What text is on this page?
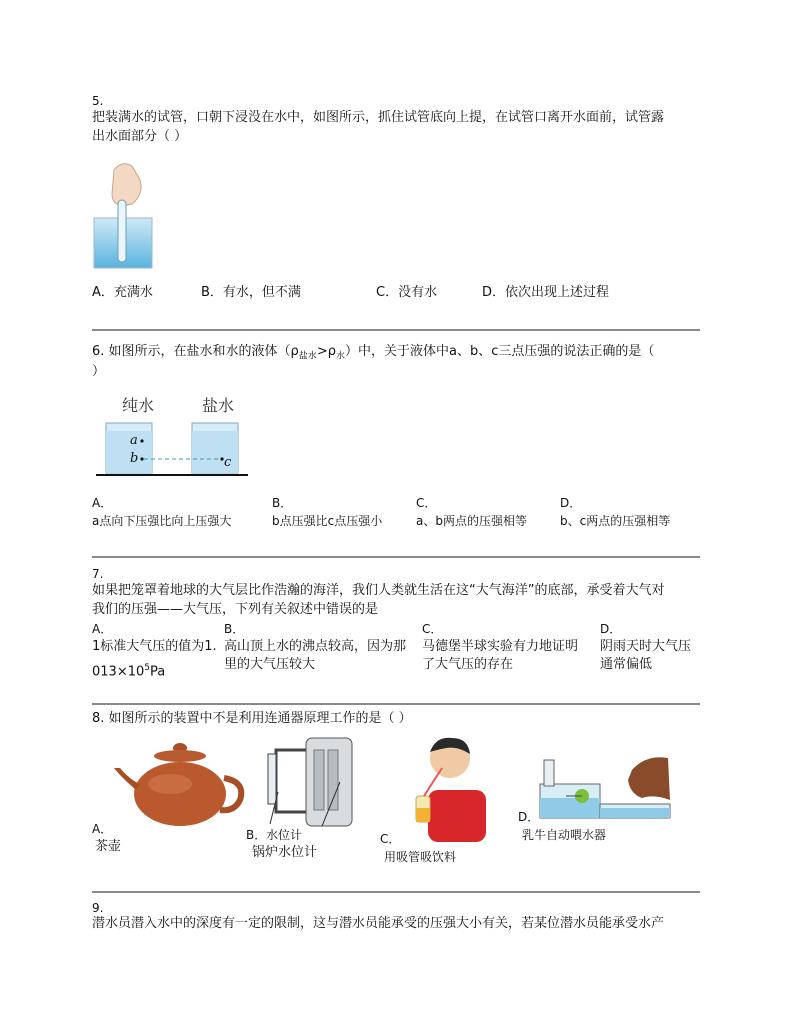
5.
把装满水的试管，口朝下浸没在水中，如图所示，抓住试管底向上提，在试管口离开水面前，试管露
出水面部分（ ）
A．充满水	B．有水，但不满	C．没有水	D．依次出现上述过程
6. 如图所示，在盐水和水的液体$(\rho_{盐水}>\rho_水)$中，关于液体中a、b、c三点压强的说法正确的是（
）
纯水	盐水
a
b	c
A．
a点向下压强比向上压强大
B．
b点压强比c点压强小
C．
a、b两点的压强相等
D．
b、c两点的压强相等
7.
如果把笼罩着地球的大气层比作浩瀚的海洋，我们人类就生活在这“大气海洋”的底部，承受着大气对
我们的压强——大气压，下列有关叙述中错误的是
A．
1标准大气压的值为1.
$013\times 10^5Pa$
B．
高山顶上水的沸点较高，因为那
里的大气压较大
C．
马德堡半球实验有力地证明
了大气压的存在
D．
阴雨天时大气压
通常偏低
8. 如图所示的装置中不是利用连通器原理工作的是（ ）
A．
茶壶
B． 水位计
锅炉水位计
C．
用吸管吸饮料
D．
乳牛自动喂水器
9.
潜水员潜入水中的深度有一定的限制，这与潜水员能承受的压强大小有关，若某位潜水员能承受水产
